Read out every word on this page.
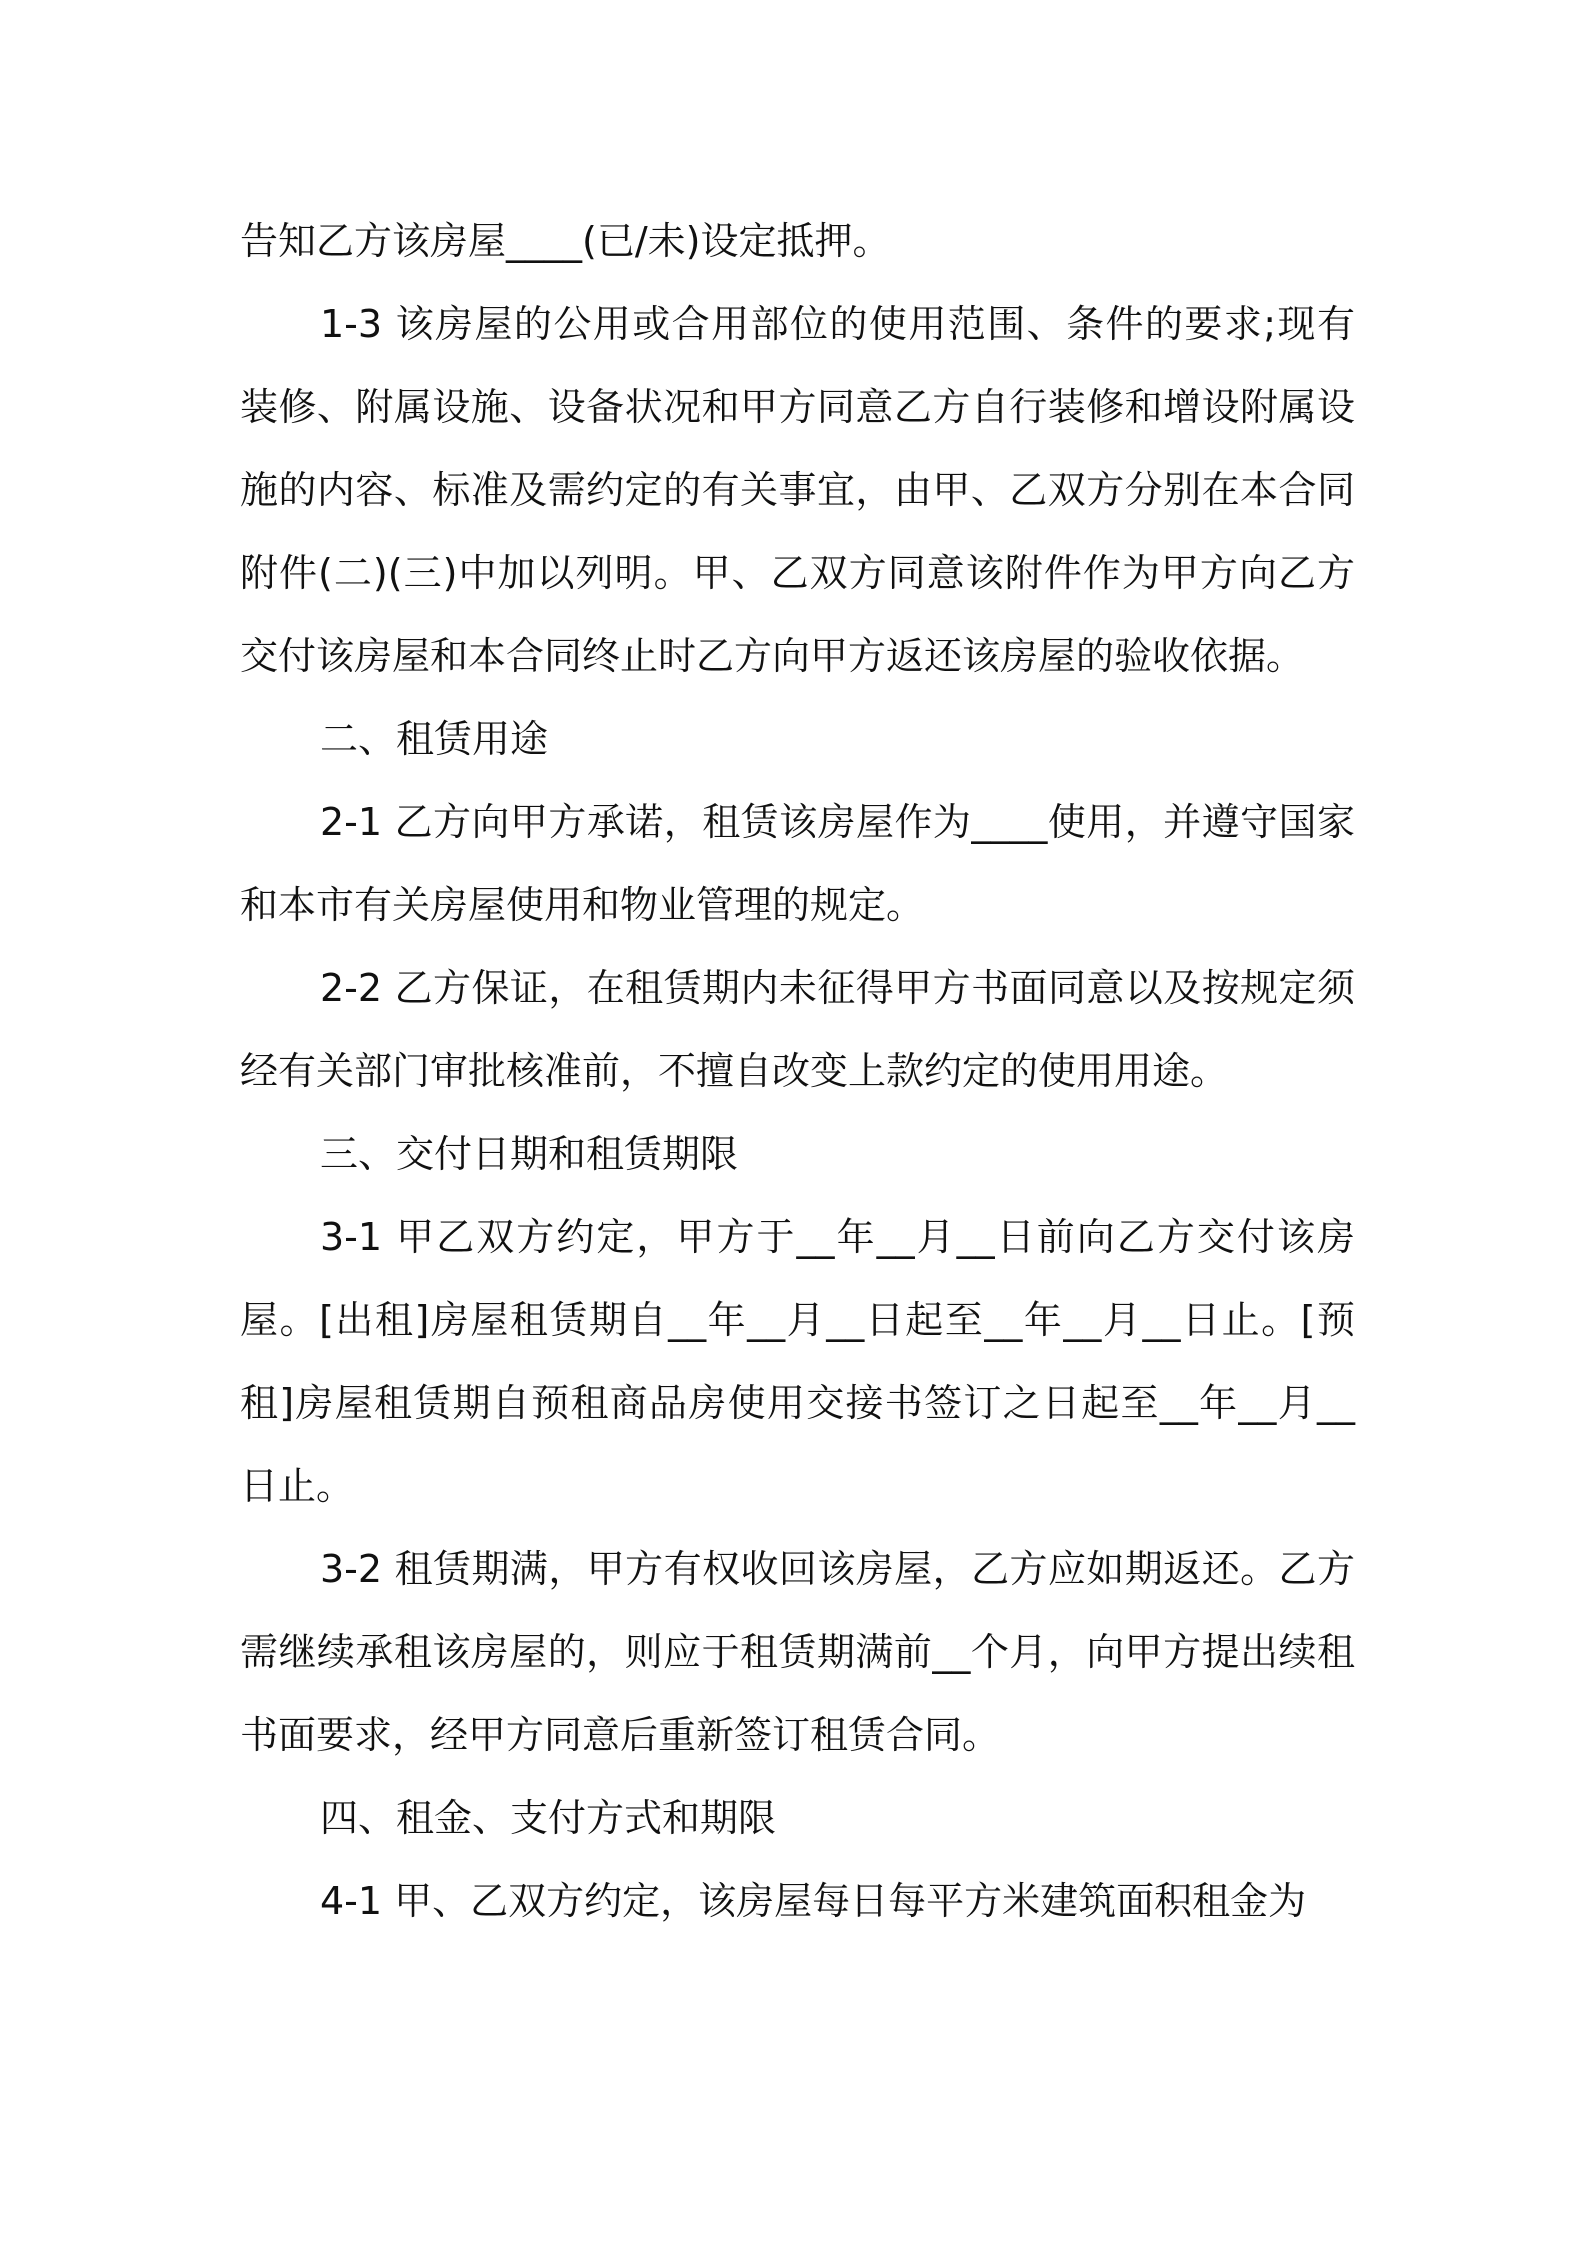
告知乙方该房屋____(已/未)设定抵押。

1-3 该房屋的公用或合用部位的使用范围、条件的要求;现有装修、附属设施、设备状况和甲方同意乙方自行装修和增设附属设施的内容、标准及需约定的有关事宜，由甲、乙双方分别在本合同附件(二)(三)中加以列明。甲、乙双方同意该附件作为甲方向乙方交付该房屋和本合同终止时乙方向甲方返还该房屋的验收依据。

二、租赁用途

2-1 乙方向甲方承诺，租赁该房屋作为____使用，并遵守国家和本市有关房屋使用和物业管理的规定。

2-2 乙方保证，在租赁期内未征得甲方书面同意以及按规定须经有关部门审批核准前，不擅自改变上款约定的使用用途。

三、交付日期和租赁期限

3-1 甲乙双方约定，甲方于__年__月__日前向乙方交付该房屋。[出租]房屋租赁期自__年__月__日起至__年__月__日止。[预租]房屋租赁期自预租商品房使用交接书签订之日起至__年__月__日止。

3-2 租赁期满，甲方有权收回该房屋，乙方应如期返还。乙方需继续承租该房屋的，则应于租赁期满前__个月，向甲方提出续租书面要求，经甲方同意后重新签订租赁合同。

四、租金、支付方式和期限

4-1 甲、乙双方约定，该房屋每日每平方米建筑面积租金为
